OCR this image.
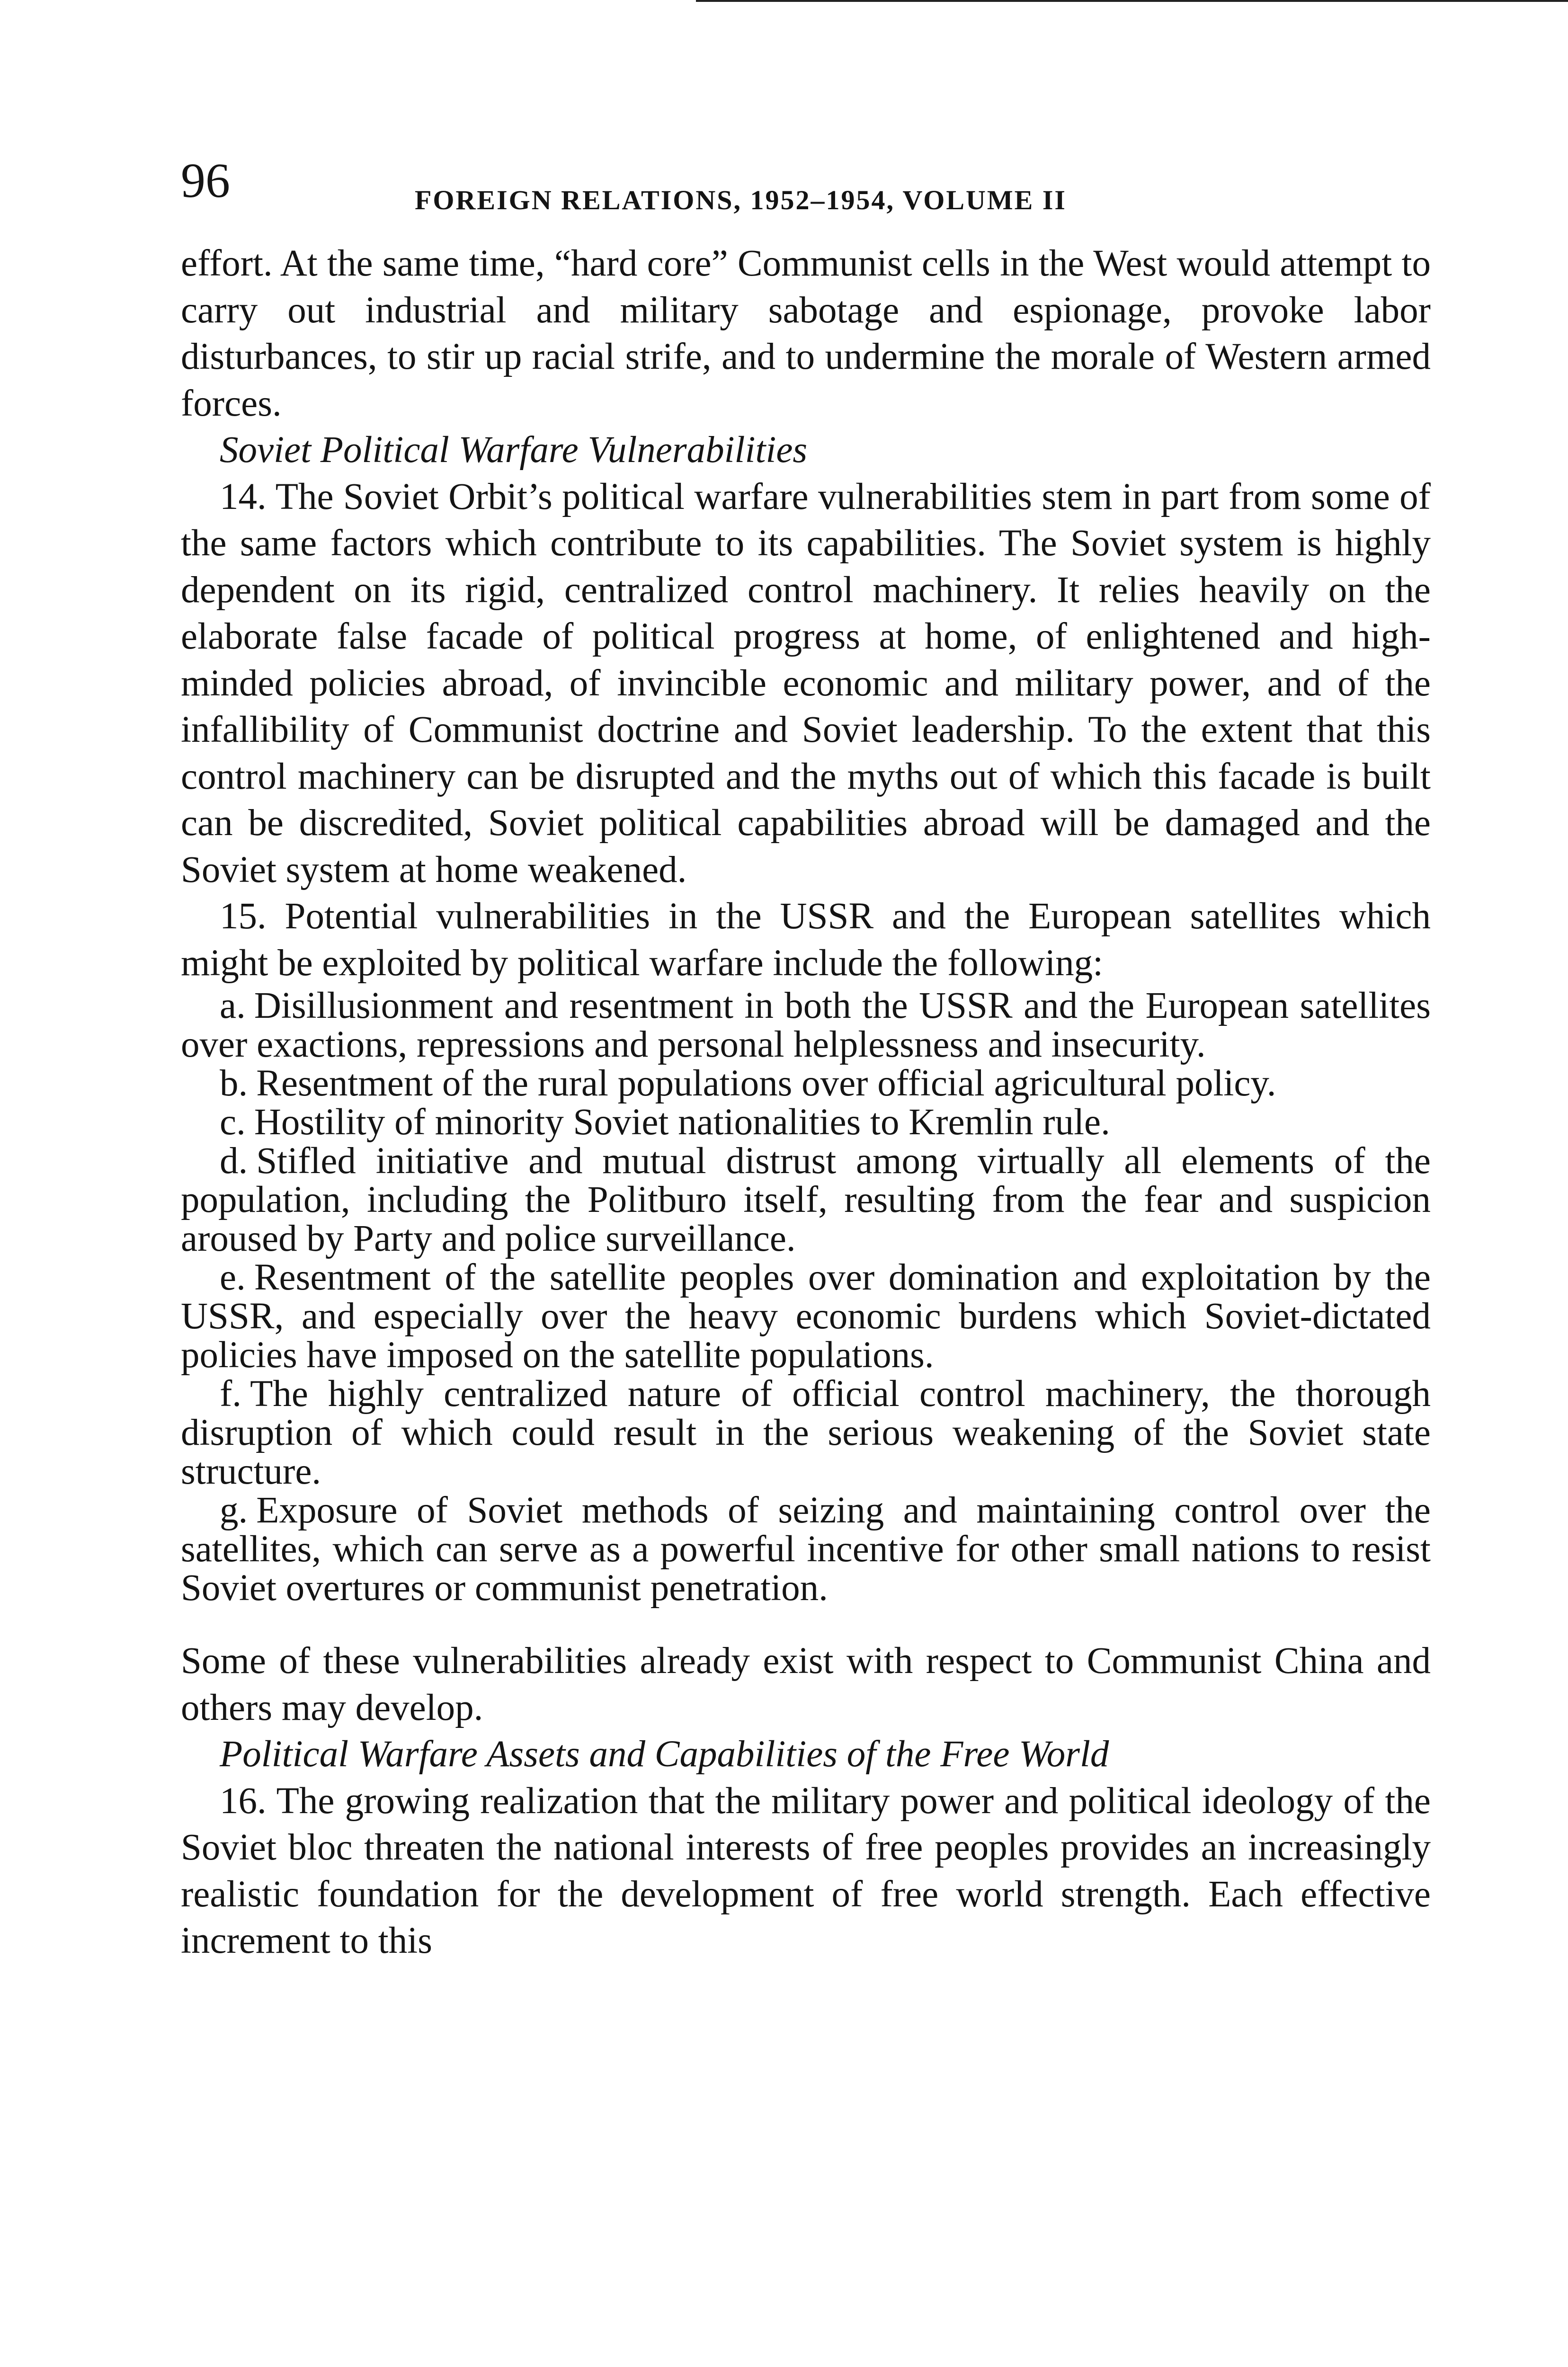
96	FOREIGN RELATIONS, 1952–1954, VOLUME II

effort. At the same time, “hard core” Communist cells in the West would attempt to carry out industrial and military sabotage and espionage, provoke labor disturbances, to stir up racial strife, and to undermine the morale of Western armed forces.

Soviet Political Warfare Vulnerabilities

14. The Soviet Orbit’s political warfare vulnerabilities stem in part from some of the same factors which contribute to its capabilities. The Soviet system is highly dependent on its rigid, centralized control machinery. It relies heavily on the elaborate false facade of political progress at home, of enlightened and high-minded policies abroad, of invincible economic and military power, and of the infallibility of Communist doctrine and Soviet leadership. To the extent that this control machinery can be disrupted and the myths out of which this facade is built can be discredited, Soviet political capabilities abroad will be damaged and the Soviet system at home weakened.

15. Potential vulnerabilities in the USSR and the European satellites which might be exploited by political warfare include the following:

a. Disillusionment and resentment in both the USSR and the European satellites over exactions, repressions and personal helplessness and insecurity.
b. Resentment of the rural populations over official agricultural policy.
c. Hostility of minority Soviet nationalities to Kremlin rule.
d. Stifled initiative and mutual distrust among virtually all elements of the population, including the Politburo itself, resulting from the fear and suspicion aroused by Party and police surveillance.
e. Resentment of the satellite peoples over domination and exploitation by the USSR, and especially over the heavy economic burdens which Soviet-dictated policies have imposed on the satellite populations.
f. The highly centralized nature of official control machinery, the thorough disruption of which could result in the serious weakening of the Soviet state structure.
g. Exposure of Soviet methods of seizing and maintaining control over the satellites, which can serve as a powerful incentive for other small nations to resist Soviet overtures or communist penetration.

Some of these vulnerabilities already exist with respect to Communist China and others may develop.

Political Warfare Assets and Capabilities of the Free World

16. The growing realization that the military power and political ideology of the Soviet bloc threaten the national interests of free peoples provides an increasingly realistic foundation for the development of free world strength. Each effective increment to this
